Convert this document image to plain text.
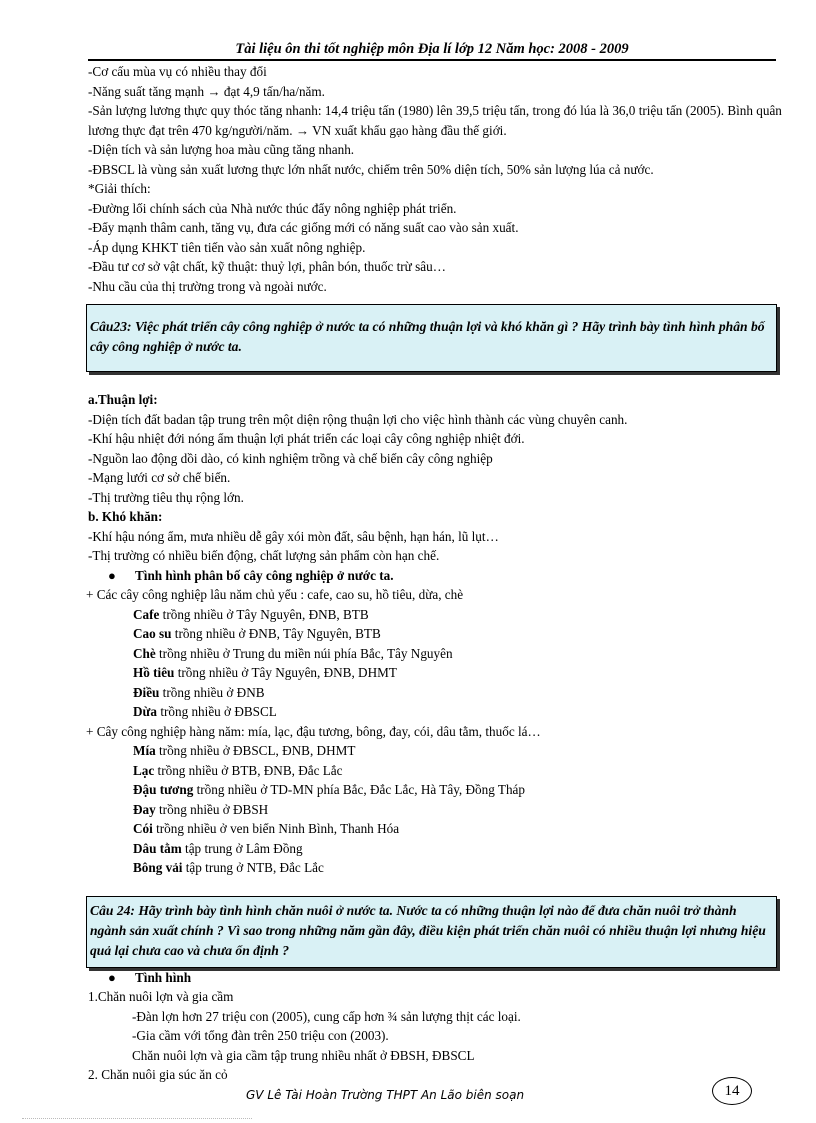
Tài liệu ôn thi tốt nghiệp môn Địa lí lớp 12 Năm học: 2008 - 2009
-Cơ cấu mùa vụ có nhiều thay đổi
-Năng suất tăng mạnh → đạt 4,9 tấn/ha/năm.
-Sản lượng lương thực quy thóc tăng nhanh: 14,4 triệu tấn (1980) lên 39,5 triệu tấn, trong đó lúa là 36,0 triệu tấn (2005). Bình quân lương thực đạt trên 470 kg/người/năm. → VN xuất khẩu gạo hàng đầu thế giới.
-Diện tích và sản lượng hoa màu cũng tăng nhanh.
-ĐBSCL là vùng sản xuất lương thực lớn nhất nước, chiếm trên 50% diện tích, 50% sản lượng lúa cả nước.
*Giải thích:
-Đường lối chính sách của Nhà nước thúc đẩy nông nghiệp phát triển.
-Đẩy mạnh thâm canh, tăng vụ, đưa các giống mới có năng suất cao vào sản xuất.
-Áp dụng KHKT tiên tiến vào sản xuất nông nghiệp.
-Đầu tư cơ sở vật chất, kỹ thuật: thuỷ lợi, phân bón, thuốc trừ sâu…
-Nhu cầu của thị trường trong và ngoài nước.
Câu23: Việc phát triển cây công nghiệp ở nước ta có những thuận lợi và khó khăn gì ? Hãy trình bày tình hình phân bố cây công nghiệp ở nước ta.
a.Thuận lợi:
-Diện tích đất badan tập trung trên một diện rộng thuận lợi cho việc hình thành các vùng chuyên canh.
-Khí hậu nhiệt đới nóng ẩm thuận lợi phát triển các loại cây công nghiệp nhiệt đới.
-Nguồn lao động dồi dào, có kinh nghiệm trồng và chế biến cây công nghiệp
-Mạng lưới cơ sở chế biến.
-Thị trường tiêu thụ rộng lớn.
b. Khó khăn:
-Khí hậu nóng ẩm, mưa nhiều dễ gây xói mòn đất, sâu bệnh, hạn hán, lũ lụt…
-Thị trường có nhiều biến động, chất lượng sản phẩm còn hạn chế.
● Tình hình phân bố cây công nghiệp ở nước ta.
+ Các cây công nghiệp lâu năm chủ yếu : cafe, cao su, hồ tiêu, dừa, chè
Cafe trồng nhiều ở Tây Nguyên, ĐNB, BTB
Cao su trồng nhiều ở ĐNB, Tây Nguyên, BTB
Chè trồng nhiều ở Trung du miền núi phía Bắc, Tây Nguyên
Hồ tiêu trồng nhiều ở Tây Nguyên, ĐNB, DHMT
Điều trồng nhiều ở ĐNB
Dừa trồng nhiều ở ĐBSCL
+ Cây công nghiệp hàng năm: mía, lạc, đậu tương, bông, đay, cói, dâu tằm, thuốc lá…
Mía trồng nhiều ở ĐBSCL, ĐNB, DHMT
Lạc trồng nhiều ở BTB, ĐNB, Đắc Lắc
Đậu tương trồng nhiều ở TD-MN phía Bắc, Đắc Lắc, Hà Tây, Đồng Tháp
Đay trồng nhiều ở ĐBSH
Cói trồng nhiều ở ven biển Ninh Bình, Thanh Hóa
Dâu tằm tập trung ở Lâm Đồng
Bông vải tập trung ở NTB, Đắc Lắc
Câu 24: Hãy trình bày tình hình chăn nuôi ở nước ta. Nước ta có những thuận lợi nào để đưa chăn nuôi trở thành ngành sản xuất chính ? Vì sao trong những năm gần đây, điều kiện phát triển chăn nuôi có nhiều thuận lợi nhưng hiệu quả lại chưa cao và chưa ổn định ?
● Tình hình
1.Chăn nuôi lợn và gia cầm
-Đàn lợn hơn 27 triệu con (2005), cung cấp hơn ¾ sản lượng thịt các loại.
-Gia cầm với tổng đàn trên 250 triệu con (2003).
Chăn nuôi lợn và gia cầm tập trung nhiều nhất ở ĐBSH, ĐBSCL
2. Chăn nuôi gia súc ăn cỏ
GV Lê Tài Hoàn Trường THPT An Lão biên soạn	14
